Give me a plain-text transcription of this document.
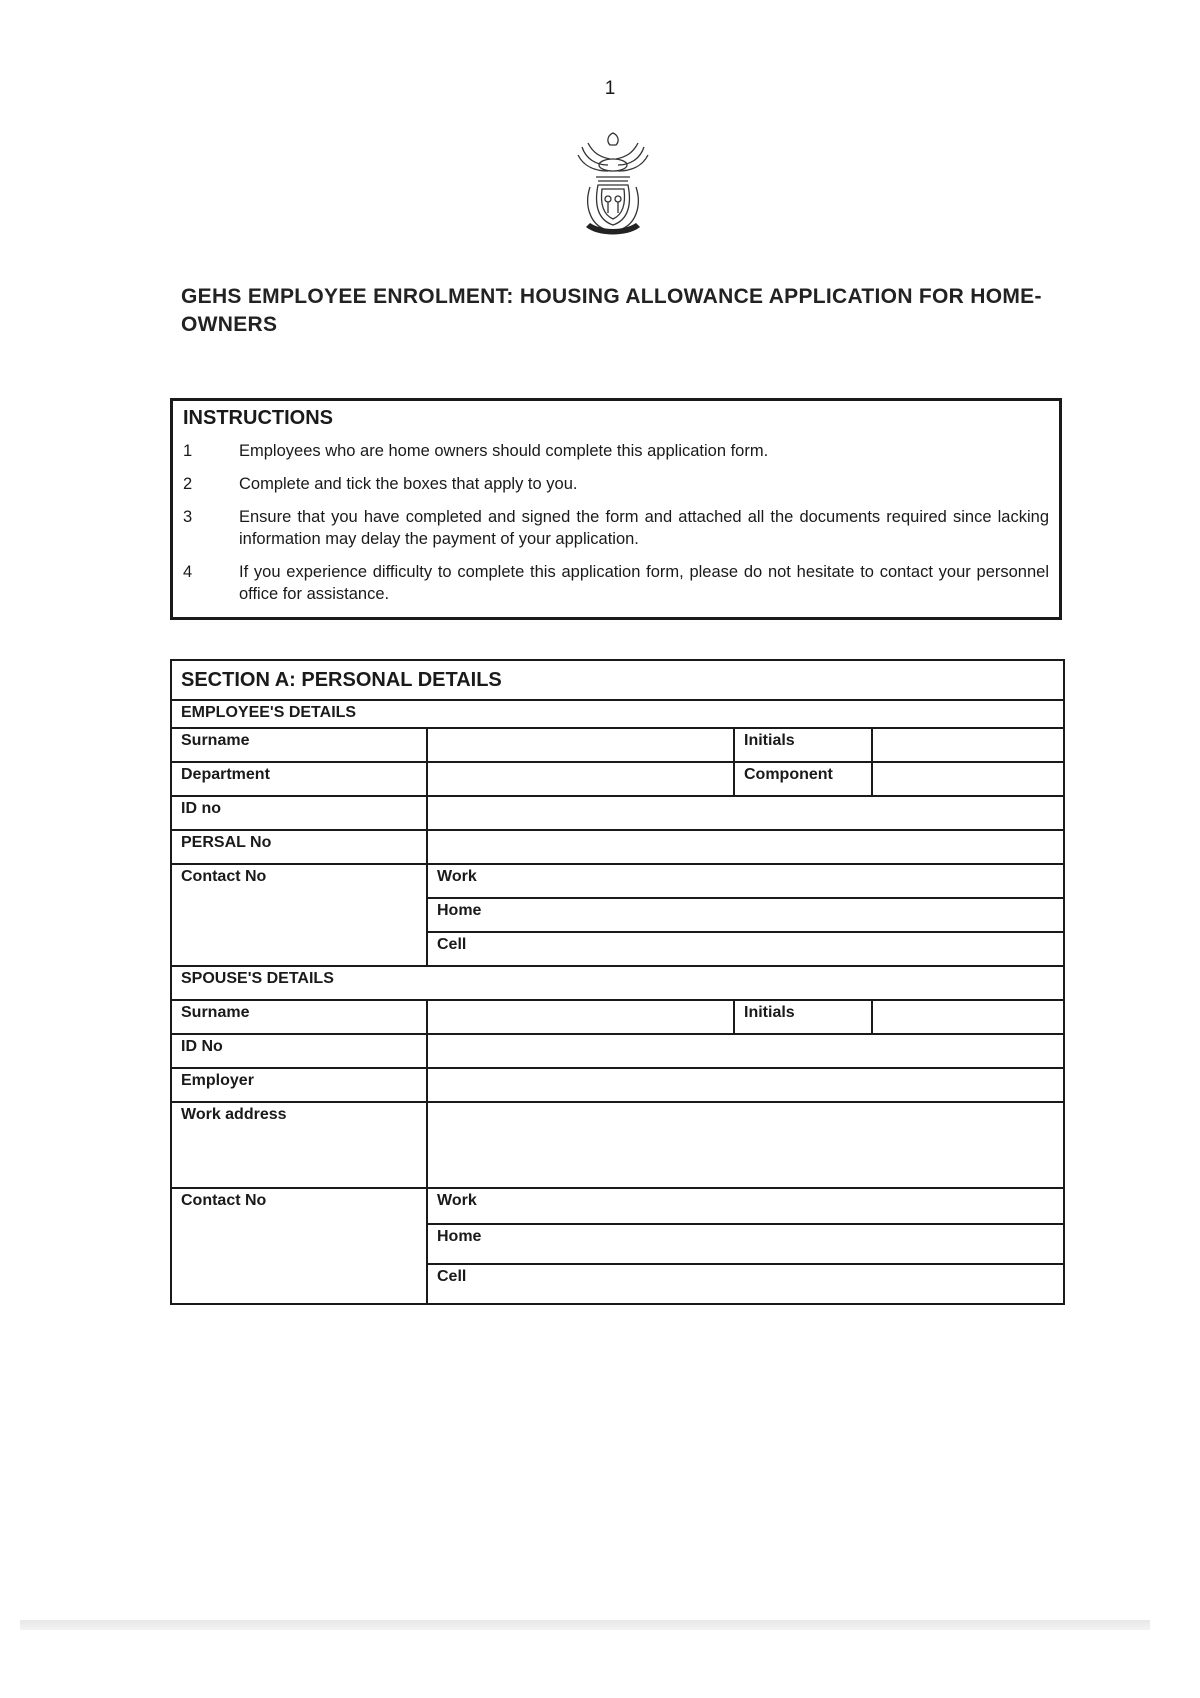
1
GEHS EMPLOYEE ENROLMENT: HOUSING ALLOWANCE APPLICATION FOR HOME-OWNERS
INSTRUCTIONS
1	Employees who are home owners should complete this application form.
2	Complete and tick the boxes that apply to you.
3	Ensure that you have completed and signed the form and attached all the documents required since lacking information may delay the payment of your application.
4	If you experience difficulty to complete this application form, please do not hesitate to contact your personnel office for assistance.
SECTION A: PERSONAL DETAILS			
EMPLOYEE'S DETAILS			
Surname		Initials	
Department		Component	
ID no			
PERSAL No			
Contact No	Work		
	Home		
	Cell		
SPOUSE'S DETAILS			
Surname		Initials	
ID No			
Employer			
Work address			
Contact No	Work		
	Home		
	Cell		
